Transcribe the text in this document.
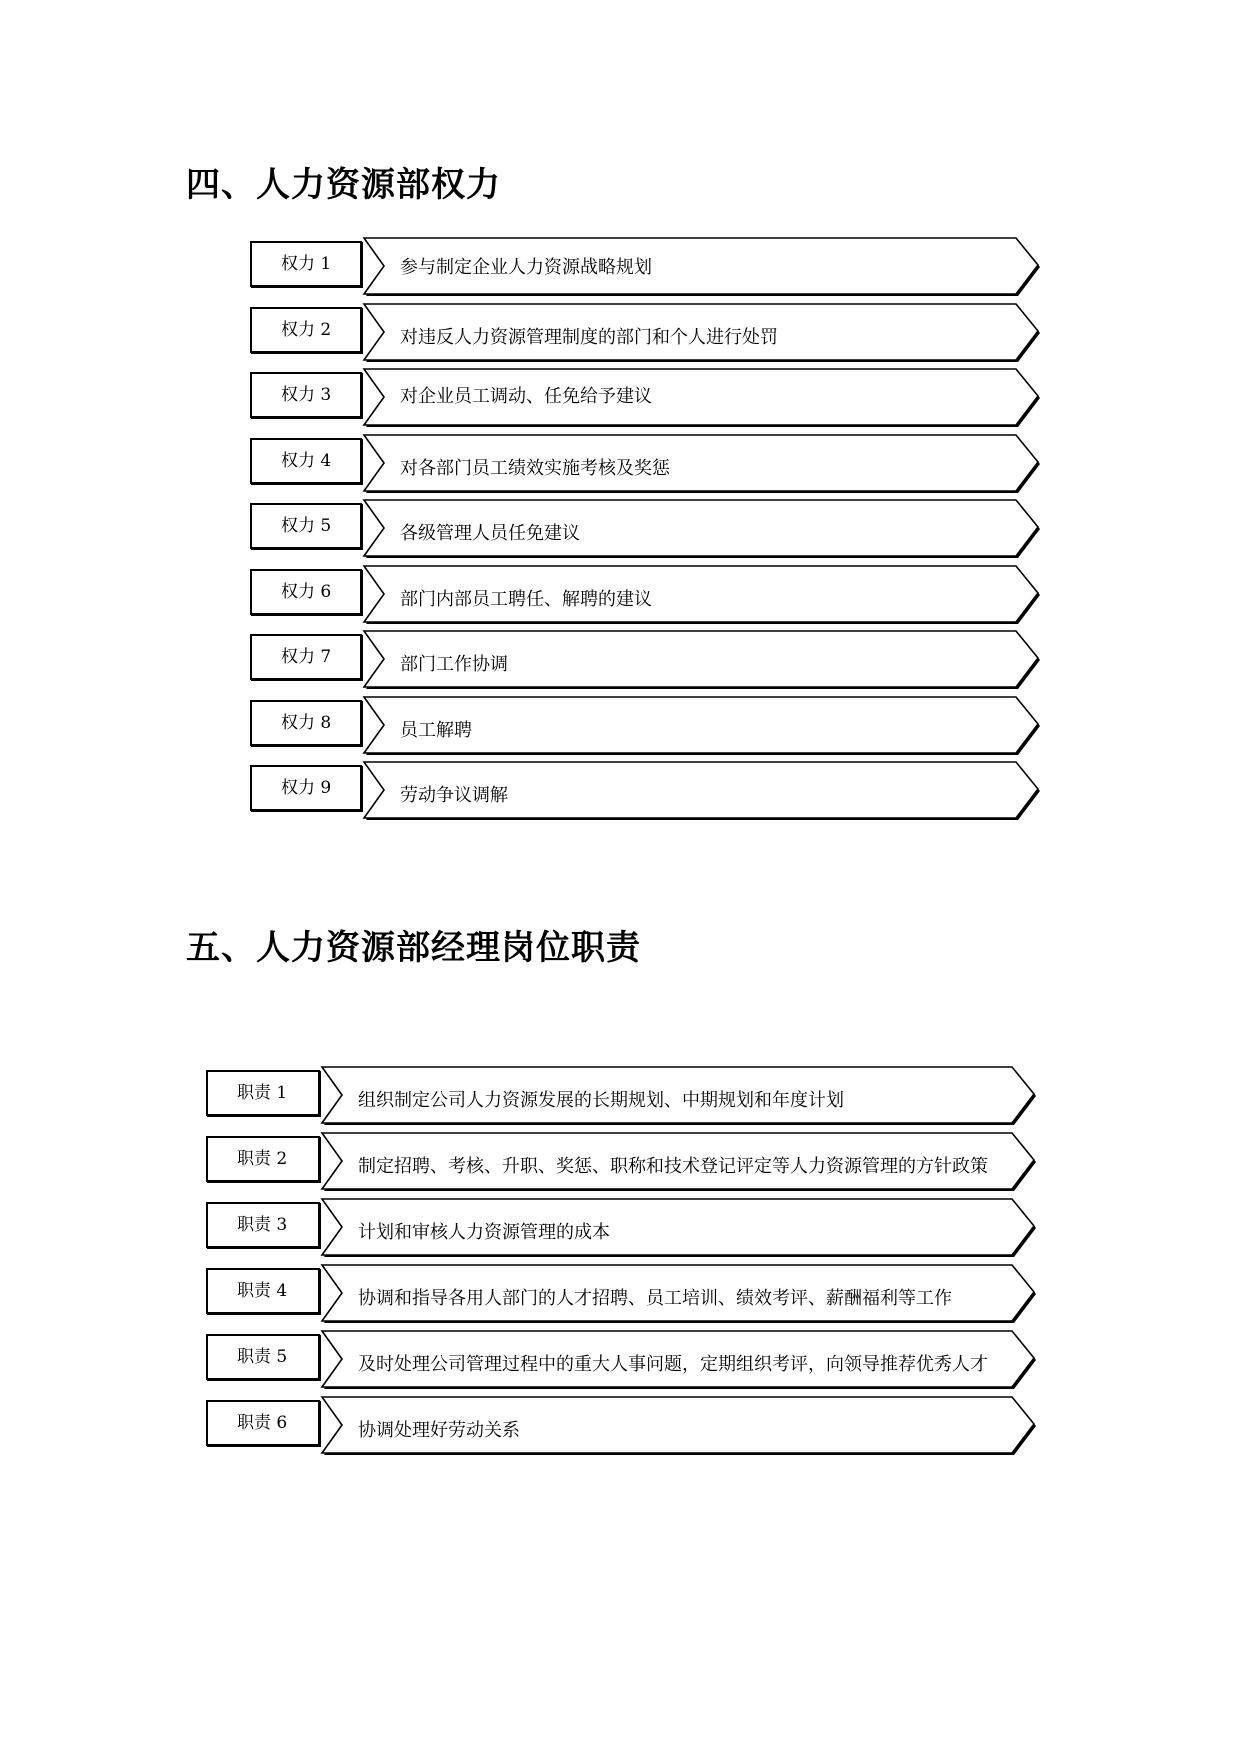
四、人力资源部权力
权力 1	参与制定企业人力资源战略规划
权力 2	对违反人力资源管理制度的部门和个人进行处罚
权力 3	对企业员工调动、任免给予建议
权力 4	对各部门员工绩效实施考核及奖惩
权力 5	各级管理人员任免建议
权力 6	部门内部员工聘任、解聘的建议
权力 7	部门工作协调
权力 8	员工解聘
权力 9	劳动争议调解
五、人力资源部经理岗位职责
职责 1	组织制定公司人力资源发展的长期规划、中期规划和年度计划
职责 2	制定招聘、考核、升职、奖惩、职称和技术登记评定等人力资源管理的方针政策
职责 3	计划和审核人力资源管理的成本
职责 4	协调和指导各用人部门的人才招聘、员工培训、绩效考评、薪酬福利等工作
职责 5	及时处理公司管理过程中的重大人事问题，定期组织考评，向领导推荐优秀人才
职责 6	协调处理好劳动关系
